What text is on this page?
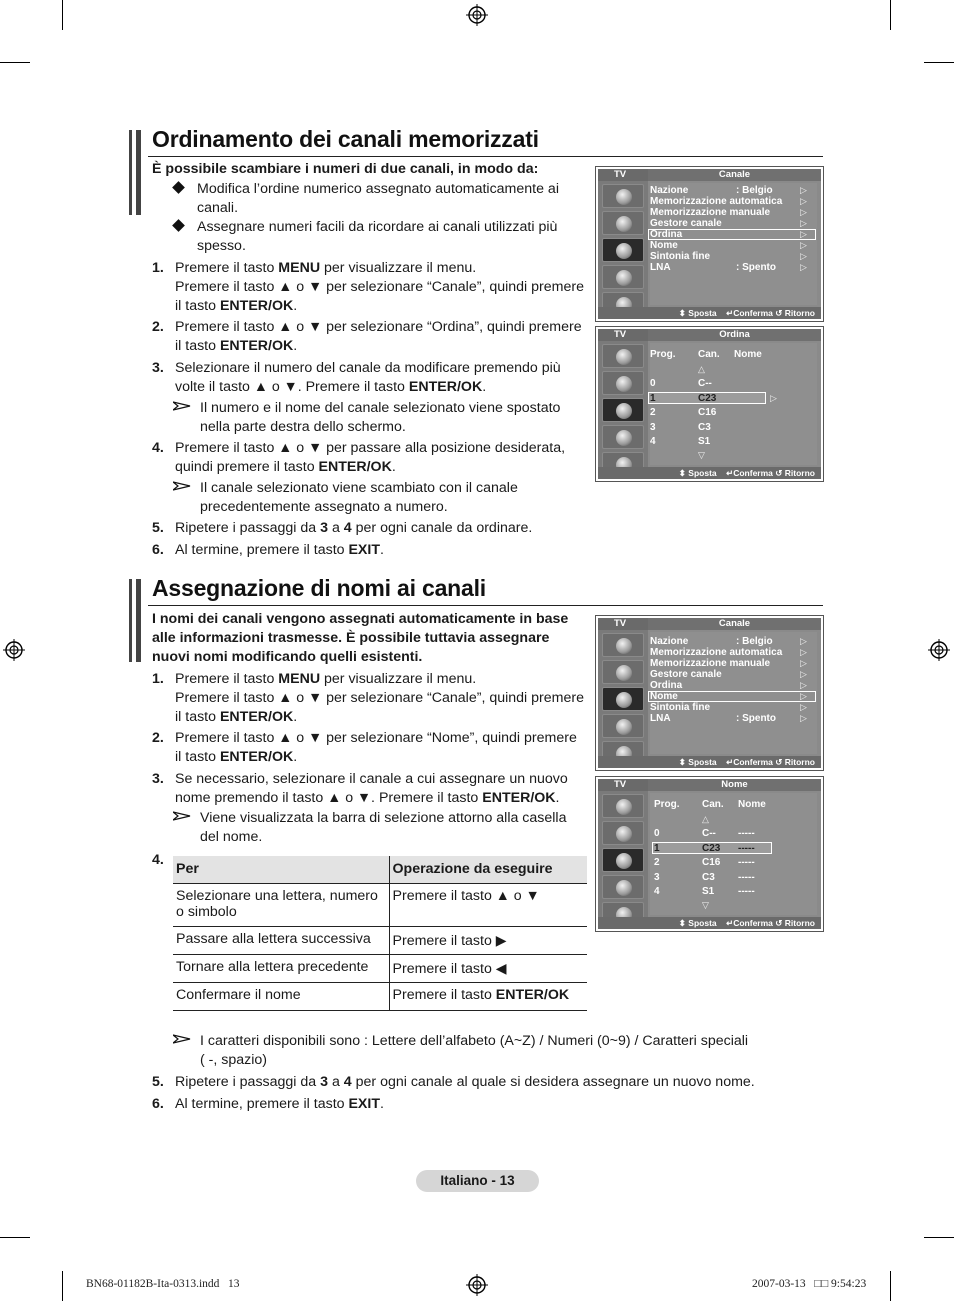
Ordinamento dei canali memorizzati
È possibile scambiare i numeri di due canali, in modo da:
Modifica l’ordine numerico assegnato automaticamente ai canali.
Assegnare numeri facili da ricordare ai canali utilizzati più spesso.
1. Premere il tasto MENU per visualizzare il menu.
Premere il tasto ▲ o ▼ per selezionare “Canale”, quindi premere
il tasto ENTER/OK.
2. Premere il tasto ▲ o ▼ per selezionare “Ordina”, quindi premere
il tasto ENTER/OK.
3. Selezionare il numero del canale da modificare premendo più
volte il tasto ▲ o ▼. Premere il tasto ENTER/OK.
Il numero e il nome del canale selezionato viene spostato
nella parte destra dello schermo.
4. Premere il tasto ▲ o ▼ per passare alla posizione desiderata,
quindi premere il tasto ENTER/OK.
Il canale selezionato viene scambiato con il canale
precedentemente assegnato a numero.
5. Ripetere i passaggi da 3 a 4 per ogni canale da ordinare.
6. Al termine, premere il tasto EXIT.
TV	Canale
Nazione	: Belgio
Memorizzazione automatica
Memorizzazione manuale
Gestore canale
Ordina
Nome
Sintonia fine
LNA	: Spento
▷
▷
▷
▷
▷
▷
▷
▷
⬍ Sposta ↵Conferma ↺ Ritorno
TV	Ordina
Prog. Can. Nome
△
0	C--
1	C23	▷
2	C16
3	C3
4	S1
▽
⬍ Sposta ↵Conferma ↺ Ritorno
Assegnazione di nomi ai canali
I nomi dei canali vengono assegnati automaticamente in base
alle informazioni trasmesse. È possibile tuttavia assegnare
nuovi nomi modificando quelli esistenti.
1. Premere il tasto MENU per visualizzare il menu.
Premere il tasto ▲ o ▼ per selezionare “Canale”, quindi premere
il tasto ENTER/OK.
2. Premere il tasto ▲ o ▼ per selezionare “Nome”, quindi premere
il tasto ENTER/OK.
3. Se necessario, selezionare il canale a cui assegnare un nuovo
nome premendo il tasto ▲ o ▼. Premere il tasto ENTER/OK.
Viene visualizzata la barra di selezione attorno alla casella
del nome.
4.
Per	Operazione da eseguire

Selezionare una lettera, numero
o simbolo	Premere il tasto ▲ o ▼
Passare alla lettera successiva	Premere il tasto ▶
Tornare alla lettera precedente	Premere il tasto ◀
Confermare il nome	Premere il tasto ENTER/OK
I caratteri disponibili sono : Lettere dell’alfabeto (A~Z) / Numeri (0~9) / Caratteri speciali
( -, spazio)
5. Ripetere i passaggi da 3 a 4 per ogni canale al quale si desidera assegnare un nuovo nome.
6. Al termine, premere il tasto EXIT.
TV	Canale
Nazione	: Belgio
Memorizzazione automatica
Memorizzazione manuale
Gestore canale
Ordina
Nome
Sintonia fine
LNA	: Spento
▷
▷
▷
▷
▷
▷
▷
▷
⬍ Sposta ↵Conferma ↺ Ritorno
TV	Nome
Prog. Can. Nome
△
0	C-- -----
1	C23 -----
2	C16 -----
3	C3 -----
4	S1 -----
▽
⬍ Sposta ↵Conferma ↺ Ritorno
Italiano - 13
BN68-01182B-Ita-0313.indd   13	2007-03-13   □□ 9:54:23
